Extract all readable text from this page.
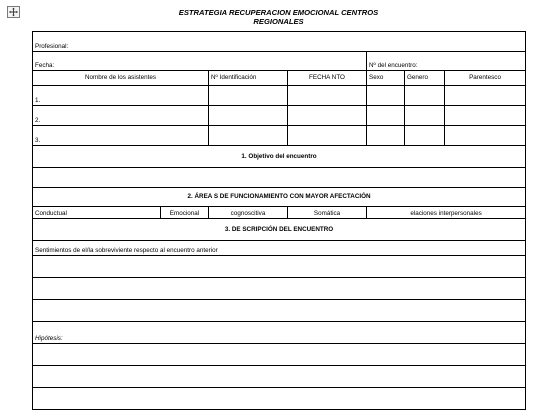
ESTRATEGIA RECUPERACION EMOCIONAL CENTROS
REGIONALES
Profesional:						
Fecha:				Nº del encuentro:		
Nombre de los asistentes		Nº Identificación	FECHA NTO	Sexo	Genero	Parentesco
1.						
2.						
3.						
1. Objetivo del encuentro						

2. ÁREA S DE FUNCIONAMIENTO CON MAYOR AFECTACIÓN						
Conductual	Emocional	cognoscitiva	Somática	elaciones interpersonales		
3. DE SCRIPCIÓN DEL ENCUENTRO						
Sentimientos de el/la sobreviviente respecto al encuentro anterior						

Hipótesis:						
